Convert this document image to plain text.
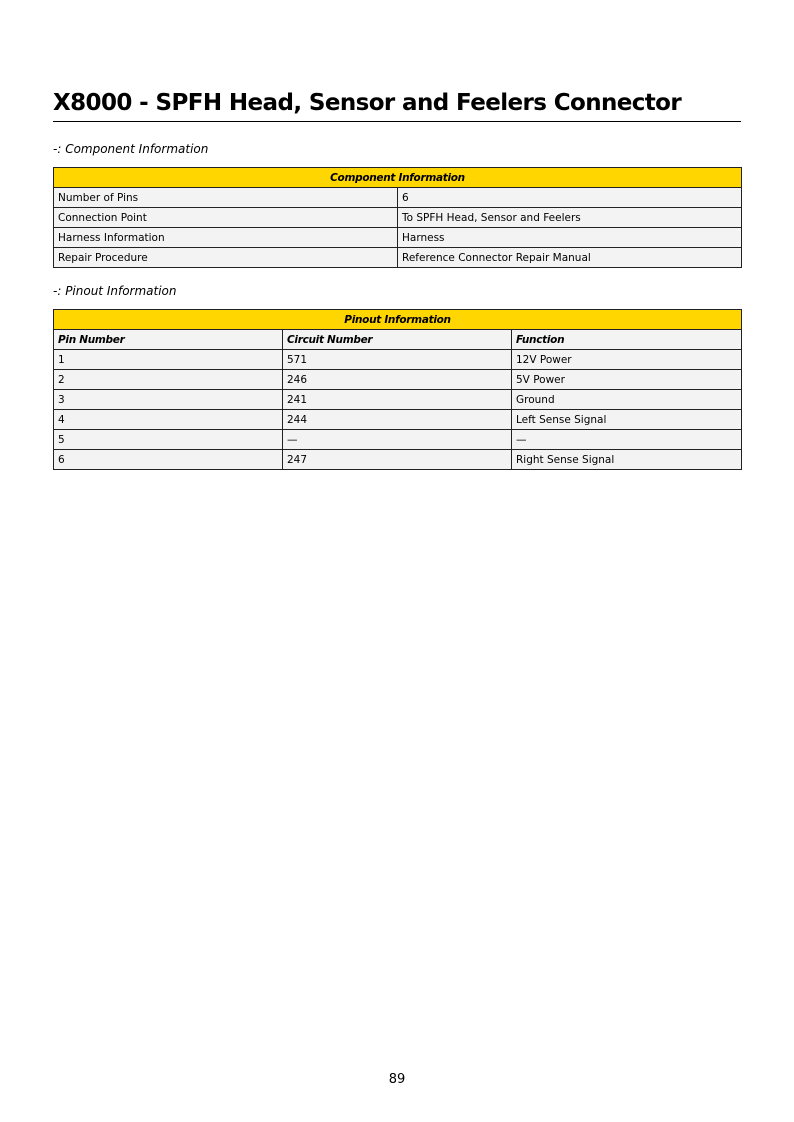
X8000 - SPFH Head, Sensor and Feelers Connector
-: Component Information
Component Information	
Number of Pins	6
Connection Point	To SPFH Head, Sensor and Feelers
Harness Information	Harness
Repair Procedure	Reference Connector Repair Manual
-: Pinout Information
Pinout Information		
Pin Number	Circuit Number	Function
1	571	12V Power
2	246	5V Power
3	241	Ground
4	244	Left Sense Signal
5	—	—
6	247	Right Sense Signal
89
